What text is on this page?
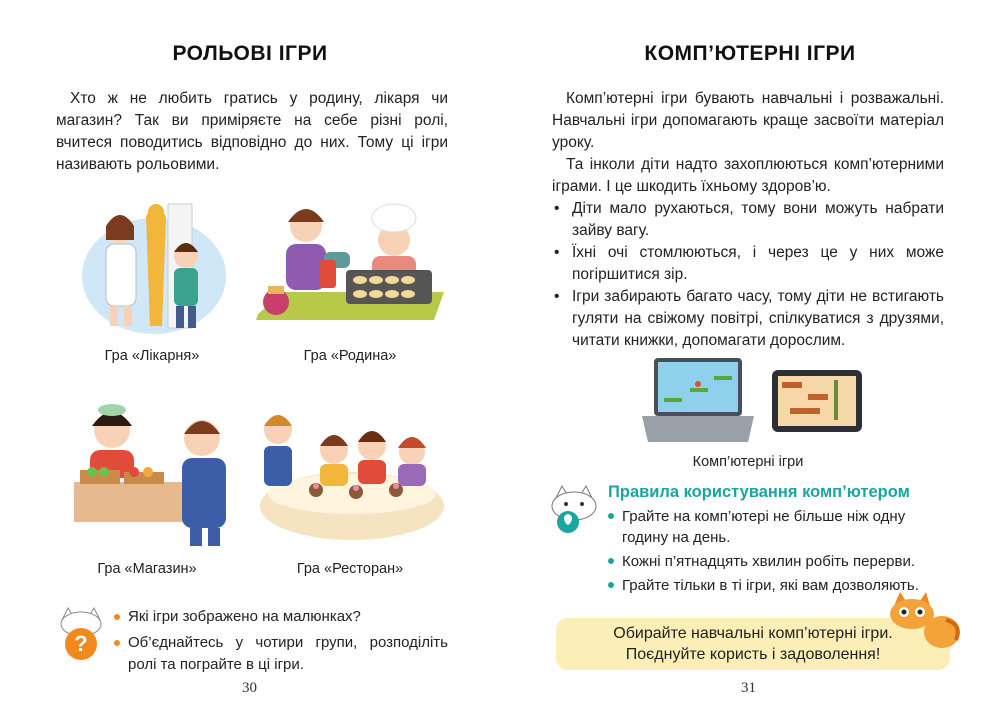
РОЛЬОВІ ІГРИ

Хто ж не любить гратись у родину, лікаря чи магазин? Так ви приміряєте на себе різні ролі, вчитеся поводитись відповідно до них. Тому ці ігри називають рольовими.

Гра «Лікарня»	Гра «Родина»
Гра «Магазин»	Гра «Ресторан»
?
Які ігри зображено на малюнках?
Об’єднайтесь у чотири групи, розподіліть ролі та пограйте в ці ігри.
30
КОМП’ЮТЕРНІ ІГРИ

Комп’ютерні ігри бувають навчальні і розважальні. Навчальні ігри допомагають краще засвоїти матеріал уроку.

Та інколи діти надто захоплюються комп’ютерними іграми. І це шкодить їхньому здоров’ю.

• Діти мало рухаються, тому вони можуть набрати зайву вагу.
• Їхні очі стомлюються, і через це у них може погіршитися зір.
• Ігри забирають багато часу, тому діти не встигають гуляти на свіжому повітрі, спілкуватися з друзями, читати книжки, допомагати дорослим.
Комп’ютерні ігри
Правила користування комп’ютером
Грайте на комп’ютері не більше ніж одну годину на день.
Кожні п’ятнадцять хвилин робіть перерви.
Грайте тільки в ті ігри, які вам дозволяють.
Обирайте навчальні комп’ютерні ігри.
Поєднуйте користь і задоволення!
31
